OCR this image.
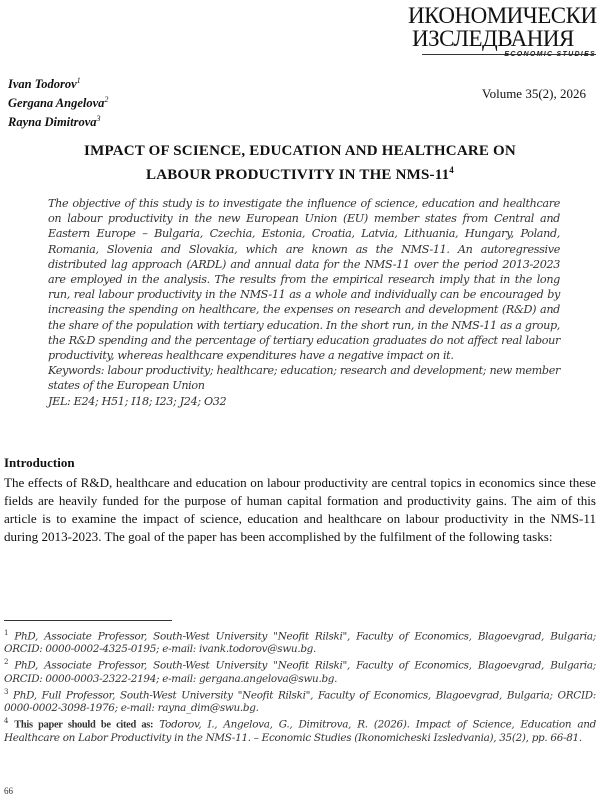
ИКОНОМИЧЕСКИ
ИЗСЛЕДВАНИЯ
ECONOMIC STUDIES
Ivan Todorov$^1$
Gergana Angelova$^2$
Rayna Dimitrova$^3$
Volume 35(2), 2026
IMPACT OF SCIENCE, EDUCATION AND HEALTHCARE ON
LABOUR PRODUCTIVITY IN THE NMS-$11^4$

The objective of this study is to investigate the influence of science, education and healthcare on labour productivity in the new European Union (EU) member states from Central and Eastern Europe – Bulgaria, Czechia, Estonia, Croatia, Latvia, Lithuania, Hungary, Poland, Romania, Slovenia and Slovakia, which are known as the NMS-11. An autoregressive distributed lag approach (ARDL) and annual data for the NMS-11 over the period 2013-2023 are employed in the analysis. The results from the empirical research imply that in the long run, real labour productivity in the NMS-11 as a whole and individually can be encouraged by increasing the spending on healthcare, the expenses on research and development (R&D) and the share of the population with tertiary education. In the short run, in the NMS-11 as a group, the R&D spending and the percentage of tertiary education graduates do not affect real labour productivity, whereas healthcare expenditures have a negative impact on it.

Keywords: labour productivity; healthcare; education; research and development; new member states of the European Union

JEL: E24; H51; I18; I23; J24; O32

Introduction
The effects of R&D, healthcare and education on labour productivity are central topics in economics since these fields are heavily funded for the purpose of human capital formation and productivity gains. The aim of this article is to examine the impact of science, education and healthcare on labour productivity in the NMS-11 during 2013-2023. The goal of the paper has been accomplished by the fulfilment of the following tasks:

$^1$ PhD, Associate Professor, South-West University "Neofit Rilski", Faculty of Economics, Blagoevgrad, Bulgaria; ORCID: 0000-0002-4325-0195; e-mail: ivank.todorov@swu.bg.

$^2$ PhD, Associate Professor, South-West University "Neofit Rilski", Faculty of Economics, Blagoevgrad, Bulgaria; ORCID: 0000-0003-2322-2194; e-mail: gergana.angelova@swu.bg.

$^3$ PhD, Full Professor, South-West University "Neofit Rilski", Faculty of Economics, Blagoevgrad, Bulgaria; ORCID: 0000-0002-3098-1976; e-mail: rayna_dim@swu.bg.

$^4$ This paper should be cited as: Todorov, I., Angelova, G., Dimitrova, R. (2026). Impact of Science, Education and Healthcare on Labor Productivity in the NMS-11. – Economic Studies (Ikonomicheski Izsledvania), 35(2), pp. 66-81.

66
